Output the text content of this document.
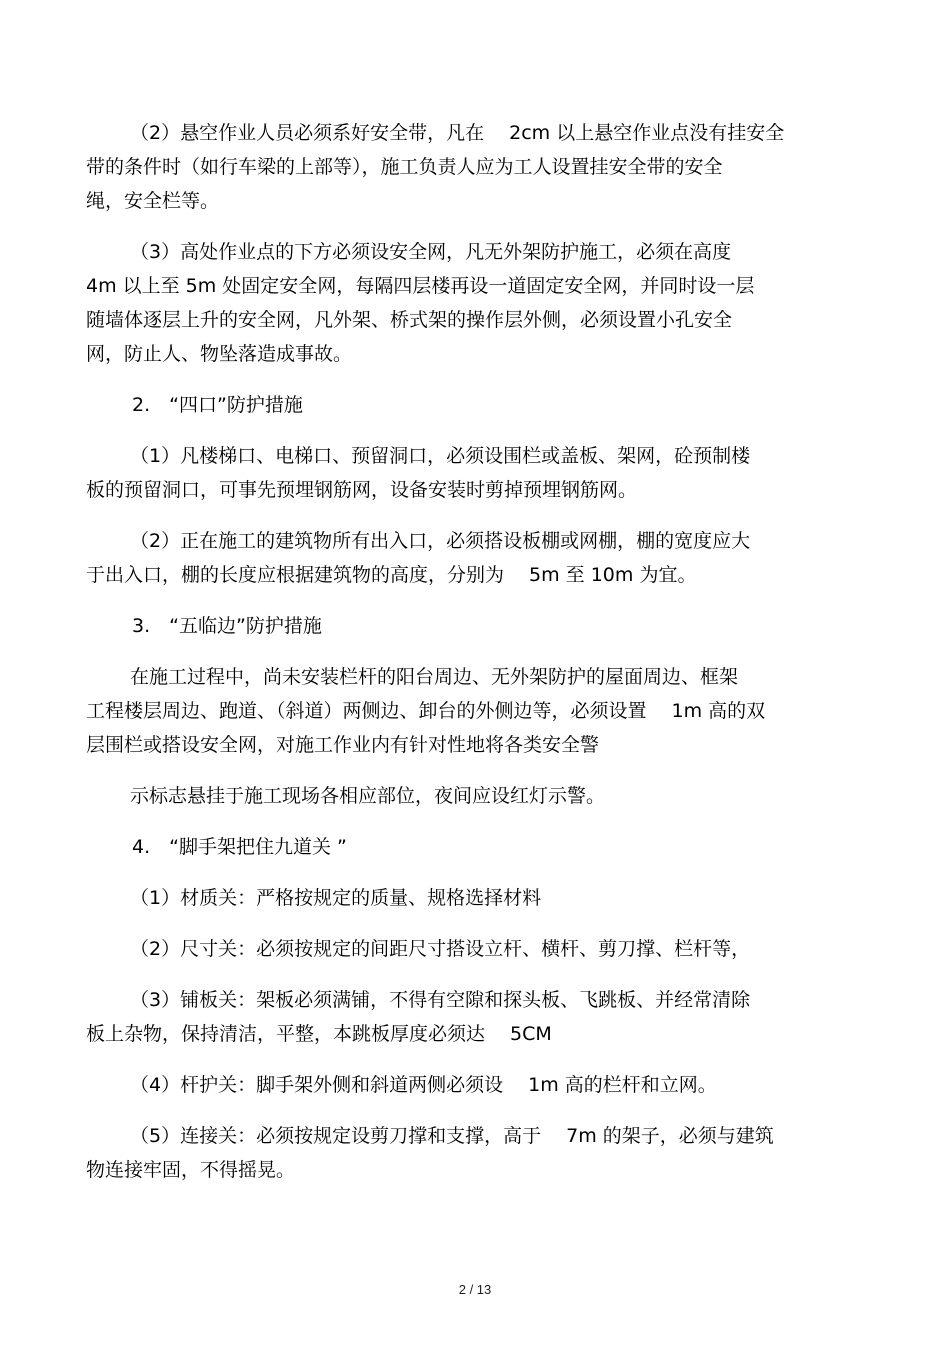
（2）悬空作业人员必须系好安全带，凡在 　2cm 以上悬空作业点没有挂安全
带的条件时（如行车梁的上部等），施工负责人应为工人设置挂安全带的安全
绳，安全栏等。
（3）高处作业点的下方必须设安全网，凡无外架防护施工，必须在高度
4m 以上至 5m 处固定安全网，每隔四层楼再设一道固定安全网，并同时设一层
随墙体逐层上升的安全网，凡外架、桥式架的操作层外侧，必须设置小孔安全
网，防止人、物坠落造成事故。
2.　“四口”防护措施
（1）凡楼梯口、电梯口、预留洞口，必须设围栏或盖板、架网，砼预制楼
板的预留洞口，可事先预埋钢筋网，设备安装时剪掉预埋钢筋网。
（2）正在施工的建筑物所有出入口，必须搭设板棚或网棚，棚的宽度应大
于出入口，棚的长度应根据建筑物的高度，分别为 　5m 至 10m 为宜。
3.　“五临边”防护措施
在施工过程中，尚未安装栏杆的阳台周边、无外架防护的屋面周边、框架
工程楼层周边、跑道、（斜道）两侧边、卸台的外侧边等，必须设置 　1m 高的双
层围栏或搭设安全网，对施工作业内有针对性地将各类安全警
示标志悬挂于施工现场各相应部位，夜间应设红灯示警。
4.　“脚手架把住九道关 ”
（1）材质关：严格按规定的质量、规格选择材料
（2）尺寸关：必须按规定的间距尺寸搭设立杆、横杆、剪刀撑、栏杆等，
（3）铺板关：架板必须满铺，不得有空隙和探头板、飞跳板、并经常清除
板上杂物，保持清洁，平整，本跳板厚度必须达 　5CM
（4）杆护关：脚手架外侧和斜道两侧必须设 　1m 高的栏杆和立网。
（5）连接关：必须按规定设剪刀撑和支撑，高于 　7m 的架子，必须与建筑
物连接牢固，不得摇晃。
2 / 13
